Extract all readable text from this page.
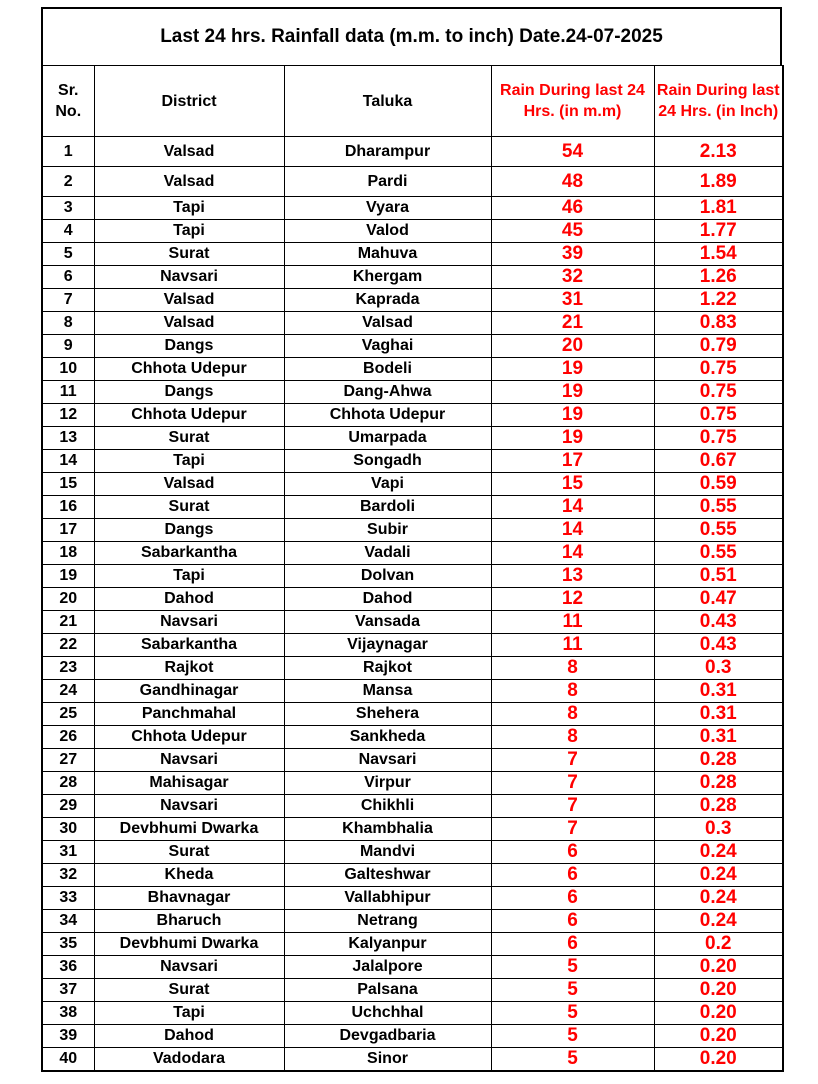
Last 24 hrs. Rainfall data (m.m. to inch) Date.24-07-2025
Sr. No.	District	Taluka	Rain During last 24 Hrs. (in m.m)	Rain During last 24 Hrs. (in Inch)
1	Valsad	Dharampur	54	2.13
2	Valsad	Pardi	48	1.89
3	Tapi	Vyara	46	1.81
4	Tapi	Valod	45	1.77
5	Surat	Mahuva	39	1.54
6	Navsari	Khergam	32	1.26
7	Valsad	Kaprada	31	1.22
8	Valsad	Valsad	21	0.83
9	Dangs	Vaghai	20	0.79
10	Chhota Udepur	Bodeli	19	0.75
11	Dangs	Dang-Ahwa	19	0.75
12	Chhota Udepur	Chhota Udepur	19	0.75
13	Surat	Umarpada	19	0.75
14	Tapi	Songadh	17	0.67
15	Valsad	Vapi	15	0.59
16	Surat	Bardoli	14	0.55
17	Dangs	Subir	14	0.55
18	Sabarkantha	Vadali	14	0.55
19	Tapi	Dolvan	13	0.51
20	Dahod	Dahod	12	0.47
21	Navsari	Vansada	11	0.43
22	Sabarkantha	Vijaynagar	11	0.43
23	Rajkot	Rajkot	8	0.3
24	Gandhinagar	Mansa	8	0.31
25	Panchmahal	Shehera	8	0.31
26	Chhota Udepur	Sankheda	8	0.31
27	Navsari	Navsari	7	0.28
28	Mahisagar	Virpur	7	0.28
29	Navsari	Chikhli	7	0.28
30	Devbhumi Dwarka	Khambhalia	7	0.3
31	Surat	Mandvi	6	0.24
32	Kheda	Galteshwar	6	0.24
33	Bhavnagar	Vallabhipur	6	0.24
34	Bharuch	Netrang	6	0.24
35	Devbhumi Dwarka	Kalyanpur	6	0.2
36	Navsari	Jalalpore	5	0.20
37	Surat	Palsana	5	0.20
38	Tapi	Uchchhal	5	0.20
39	Dahod	Devgadbaria	5	0.20
40	Vadodara	Sinor	5	0.20
